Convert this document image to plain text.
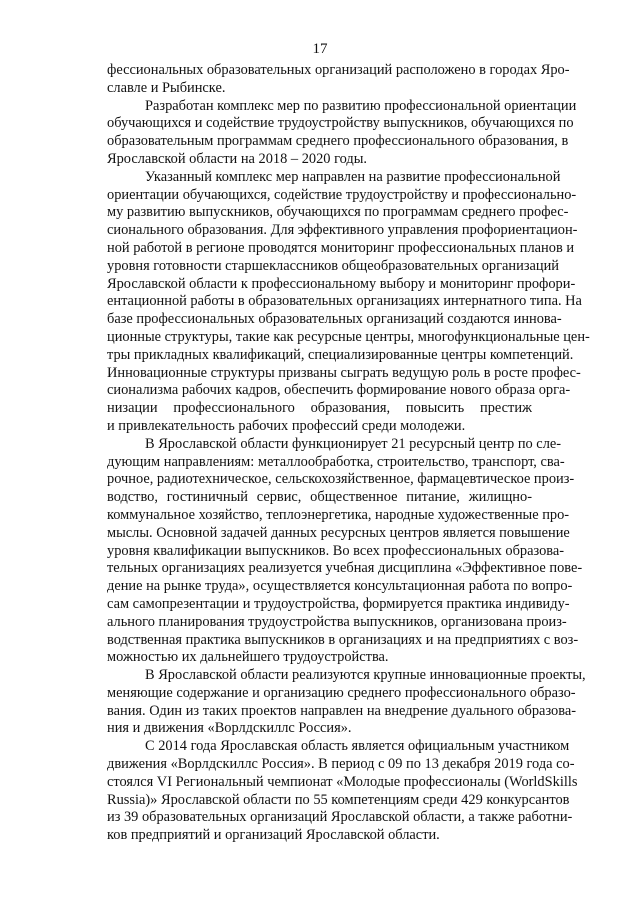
17
фессиональных образовательных организаций расположено в городах Яро-
славле и Рыбинске.
Разработан комплекс мер по развитию профессиональной ориентации
обучающихся и содействие трудоустройству выпускников, обучающихся по
образовательным программам среднего профессионального образования, в
Ярославской области на 2018 – 2020 годы.
Указанный комплекс мер направлен на развитие профессиональной
ориентации обучающихся, содействие трудоустройству и профессионально-
му развитию выпускников, обучающихся по программам среднего профес-
сионального образования. Для эффективного управления профориентацион-
ной работой в регионе проводятся мониторинг профессиональных планов и
уровня готовности старшеклассников общеобразовательных организаций
Ярославской области к профессиональному выбору и мониторинг профори-
ентационной работы в образовательных организациях интернатного типа. На
базе профессиональных образовательных организаций создаются иннова-
ционные структуры, такие как ресурсные центры, многофункциональные цен-
тры прикладных квалификаций, специализированные центры компетенций.
Инновационные структуры призваны сыграть ведущую роль в росте профес-
сионализма рабочих кадров, обеспечить формирование нового образа орга-
низации профессионального образования, повысить престиж
и привлекательность рабочих профессий среди молодежи.
В Ярославской области функционирует 21 ресурсный центр по сле-
дующим направлениям: металлообработка, строительство, транспорт, сва-
рочное, радиотехническое, сельскохозяйственное, фармацевтическое произ-
водство, гостиничный сервис, общественное питание, жилищно-
коммунальное хозяйство, теплоэнергетика, народные художественные про-
мыслы. Основной задачей данных ресурсных центров является повышение
уровня квалификации выпускников. Во всех профессиональных образова-
тельных организациях реализуется учебная дисциплина «Эффективное пове-
дение на рынке труда», осуществляется консультационная работа по вопро-
сам самопрезентации и трудоустройства, формируется практика индивиду-
ального планирования трудоустройства выпускников, организована произ-
водственная практика выпускников в организациях и на предприятиях с воз-
можностью их дальнейшего трудоустройства.
В Ярославской области реализуются крупные инновационные проекты,
меняющие содержание и организацию среднего профессионального образо-
вания. Один из таких проектов направлен на внедрение дуального образова-
ния и движения «Ворлдскиллс Россия».
С 2014 года Ярославская область является официальным участником
движения «Ворлдскиллс Россия». В период с 09 по 13 декабря 2019 года со-
стоялся VI Региональный чемпионат «Молодые профессионалы (WorldSkills
Russia)» Ярославской области по 55 компетенциям среди 429 конкурсантов
из 39 образовательных организаций Ярославской области, а также работни-
ков предприятий и организаций Ярославской области.
